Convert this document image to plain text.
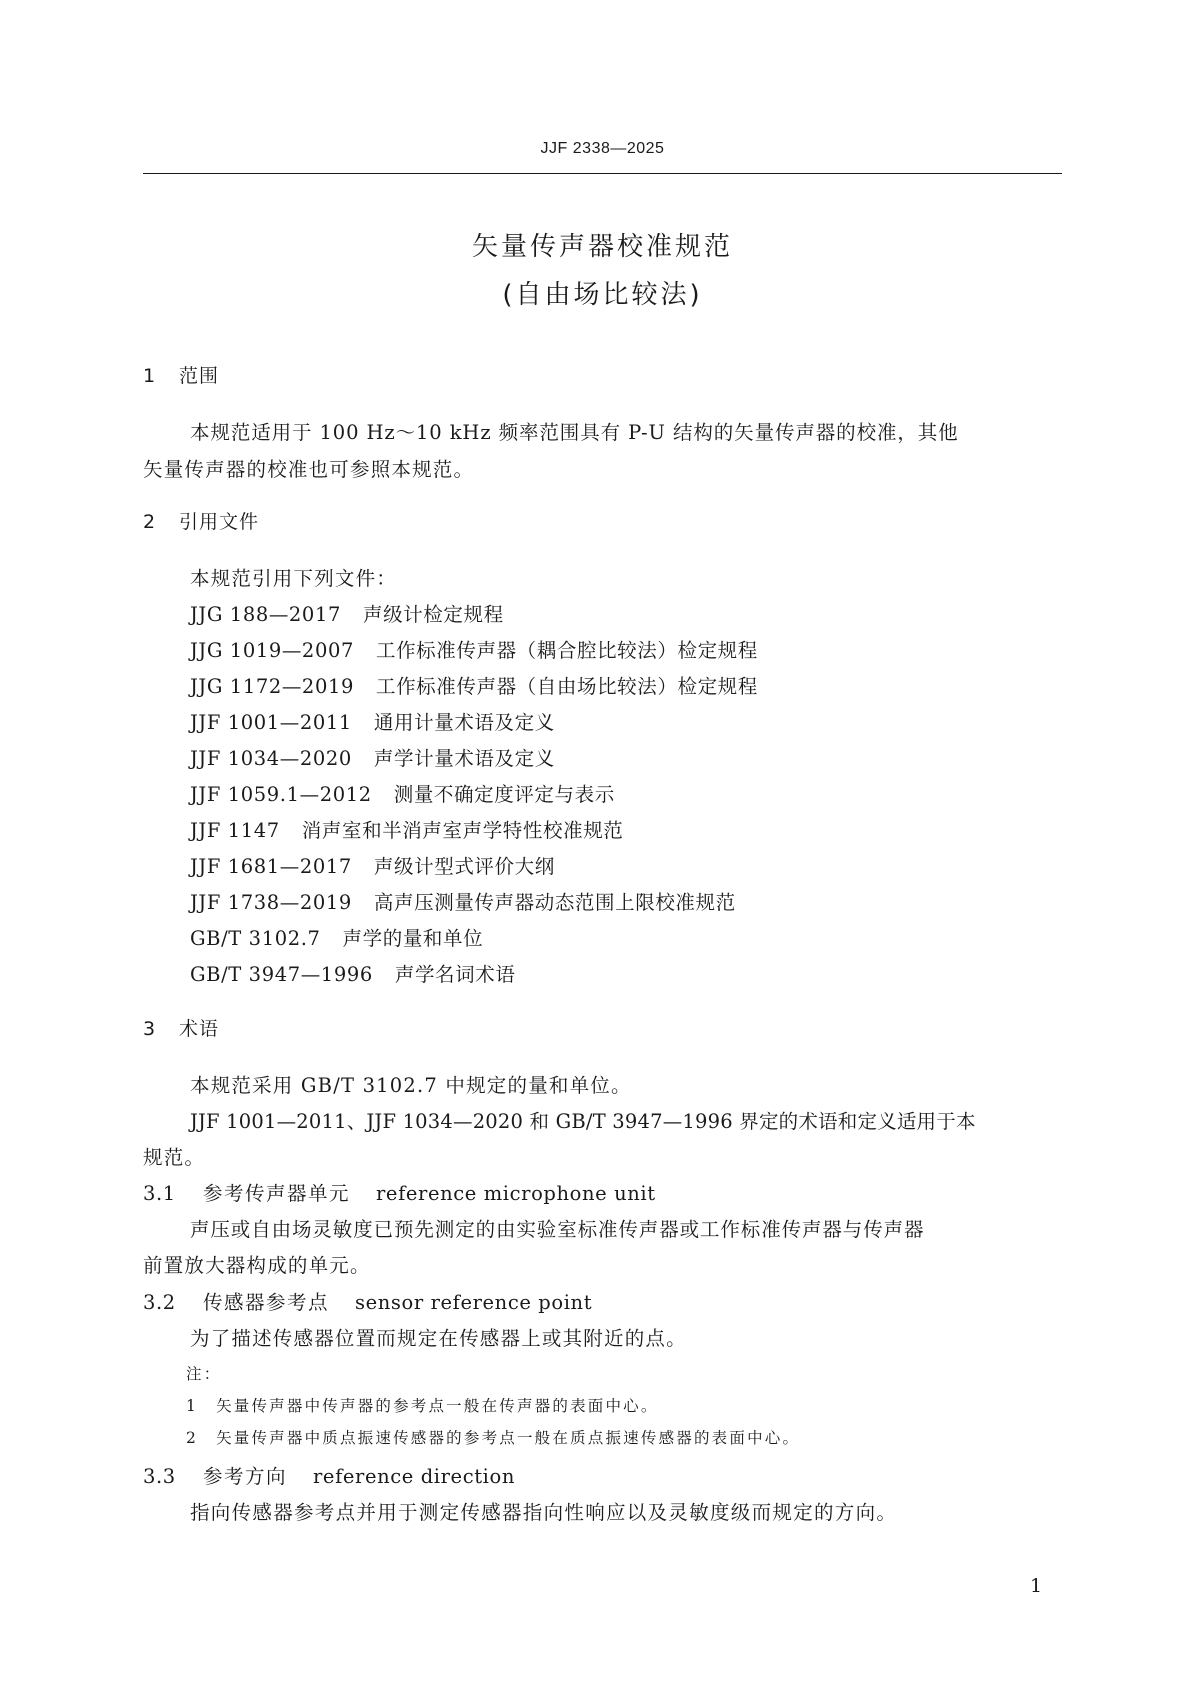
JJF 2338—2025
矢量传声器校准规范
(自由场比较法)
1 范围
本规范适用于 100 Hz～10 kHz 频率范围具有 P-U 结构的矢量传声器的校准，其他
矢量传声器的校准也可参照本规范。
2 引用文件
本规范引用下列文件：
JJG 188—2017 声级计检定规程
JJG 1019—2007 工作标准传声器（耦合腔比较法）检定规程
JJG 1172—2019 工作标准传声器（自由场比较法）检定规程
JJF 1001—2011 通用计量术语及定义
JJF 1034—2020 声学计量术语及定义
JJF 1059.1—2012 测量不确定度评定与表示
JJF 1147 消声室和半消声室声学特性校准规范
JJF 1681—2017 声级计型式评价大纲
JJF 1738—2019 高声压测量传声器动态范围上限校准规范
GB/T 3102.7 声学的量和单位
GB/T 3947—1996 声学名词术语
3 术语
本规范采用 GB/T 3102.7 中规定的量和单位。
JJF 1001—2011、JJF 1034—2020 和 GB/T 3947—1996 界定的术语和定义适用于本
规范。
3.1 参考传声器单元 reference microphone unit
声压或自由场灵敏度已预先测定的由实验室标准传声器或工作标准传声器与传声器
前置放大器构成的单元。
3.2 传感器参考点 sensor reference point
为了描述传感器位置而规定在传感器上或其附近的点。
注：
1 矢量传声器中传声器的参考点一般在传声器的表面中心。
2 矢量传声器中质点振速传感器的参考点一般在质点振速传感器的表面中心。
3.3 参考方向 reference direction
指向传感器参考点并用于测定传感器指向性响应以及灵敏度级而规定的方向。
1
